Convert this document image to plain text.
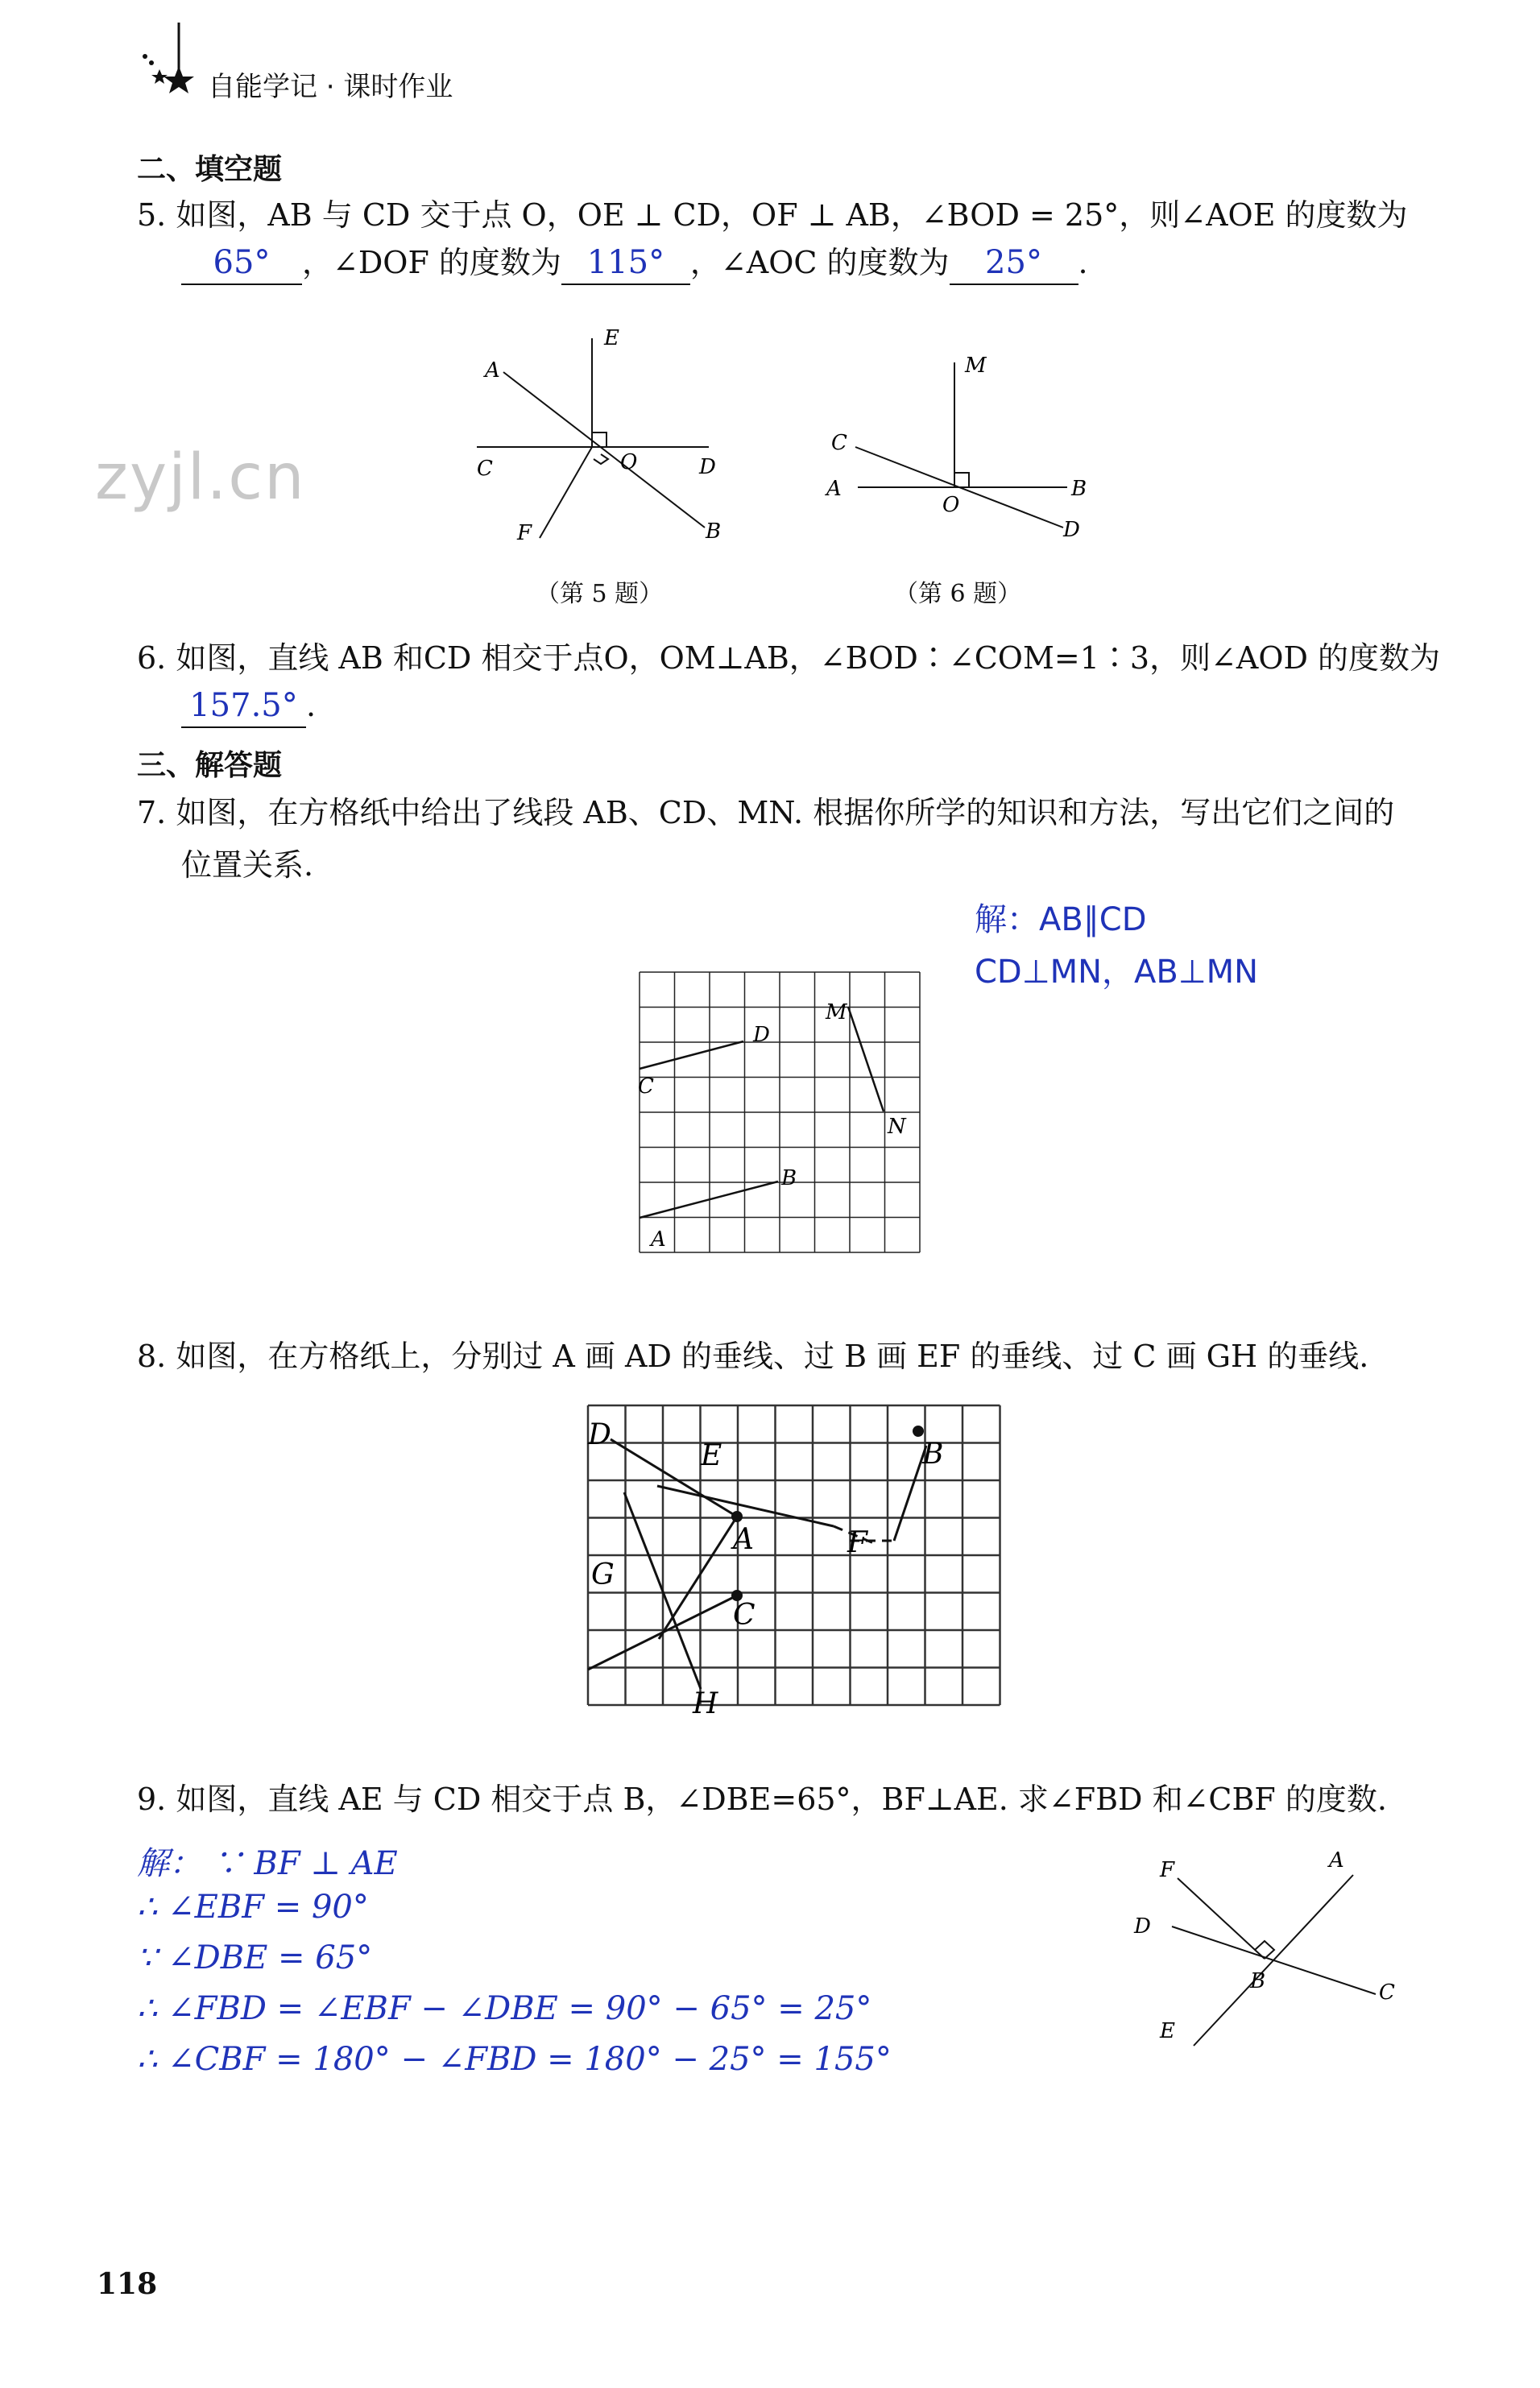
自能学记 · 课时作业
zyjl.cn
二、填空题
5. 如图，AB 与 CD 交于点 O，OE ⊥ CD，OF ⊥ AB，∠BOD = 25°，则∠AOE 的度数为
65° ，∠DOF 的度数为 115° ，∠AOC 的度数为 25° .
E
A
C	O	D
F	B
（第 5 题）
M
C
A
O
B
D
（第 6 题）
6. 如图，直线 AB 和CD 相交于点O，OM⊥AB，∠BOD∶∠COM=1∶3，则∠AOD 的度数为
157.5° .
三、解答题
7. 如图，在方格纸中给出了线段 AB、CD、MN. 根据你所学的知识和方法，写出它们之间的
位置关系.
解：AB∥CD
CD⊥MN，AB⊥MN
D
C
M
N
B
A
8. 如图，在方格纸上，分别过 A 画 AD 的垂线、过 B 画 EF 的垂线、过 C 画 GH 的垂线.
D
E	B
A	F
G
C
H
9. 如图，直线 AE 与 CD 相交于点 B，∠DBE=65°，BF⊥AE. 求∠FBD 和∠CBF 的度数.
解： ∵ BF ⊥ AE
∴ ∠EBF = 90°
∵ ∠DBE = 65°
∴ ∠FBD = ∠EBF − ∠DBE = 90° − 65° = 25°
∴ ∠CBF = 180° − ∠FBD = 180° − 25° = 155°
F	A
D
B	C
E
118
